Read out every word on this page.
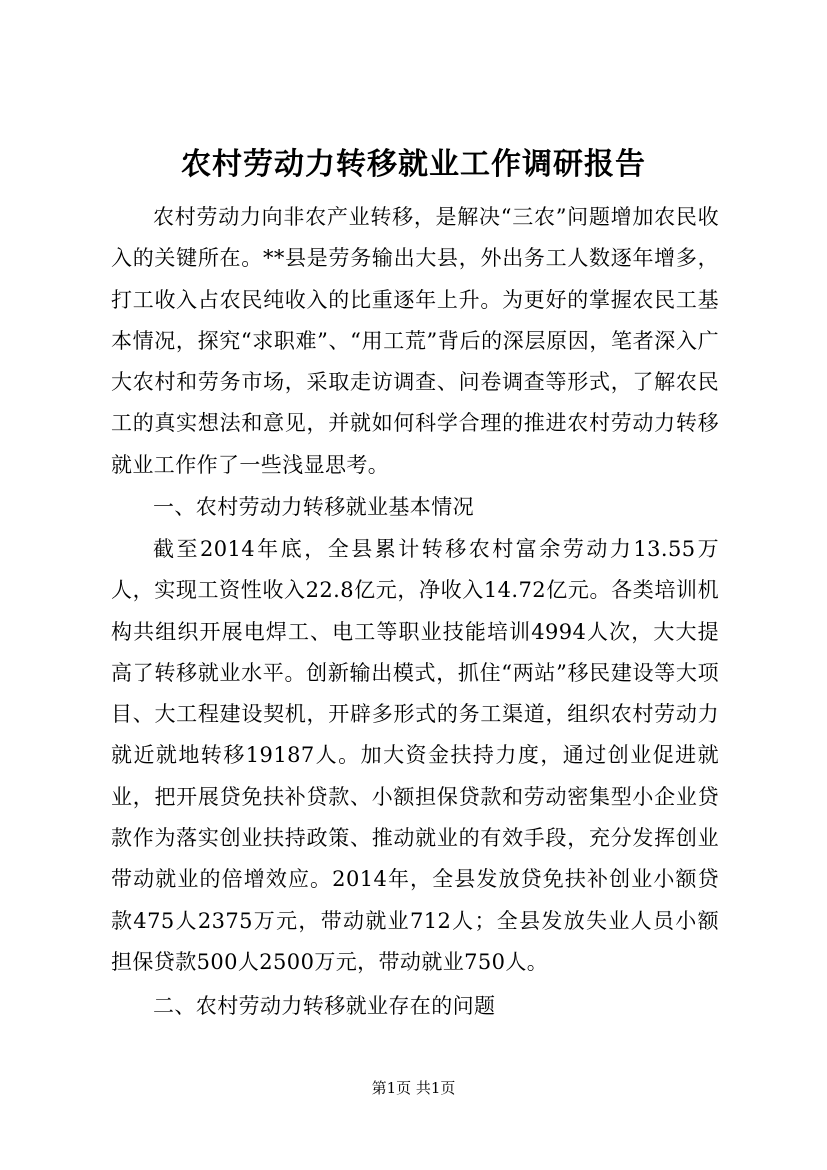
农村劳动力转移就业工作调研报告
农村劳动力向非农产业转移，是解决“三农”问题增加农民收入的关键所在。**县是劳务输出大县，外出务工人数逐年增多，打工收入占农民纯收入的比重逐年上升。为更好的掌握农民工基本情况，探究“求职难”、“用工荒”背后的深层原因，笔者深入广大农村和劳务市场，采取走访调查、问卷调查等形式，了解农民工的真实想法和意见，并就如何科学合理的推进农村劳动力转移就业工作作了一些浅显思考。
一、农村劳动力转移就业基本情况
截至2014年底，全县累计转移农村富余劳动力13.55万人，实现工资性收入22.8亿元，净收入14.72亿元。各类培训机构共组织开展电焊工、电工等职业技能培训4994人次，大大提高了转移就业水平。创新输出模式，抓住“两站”移民建设等大项目、大工程建设契机，开辟多形式的务工渠道，组织农村劳动力就近就地转移19187人。加大资金扶持力度，通过创业促进就业，把开展贷免扶补贷款、小额担保贷款和劳动密集型小企业贷款作为落实创业扶持政策、推动就业的有效手段，充分发挥创业带动就业的倍增效应。2014年，全县发放贷免扶补创业小额贷款475人2375万元，带动就业712人；全县发放失业人员小额担保贷款500人2500万元，带动就业750人。
二、农村劳动力转移就业存在的问题
第1页 共1页
